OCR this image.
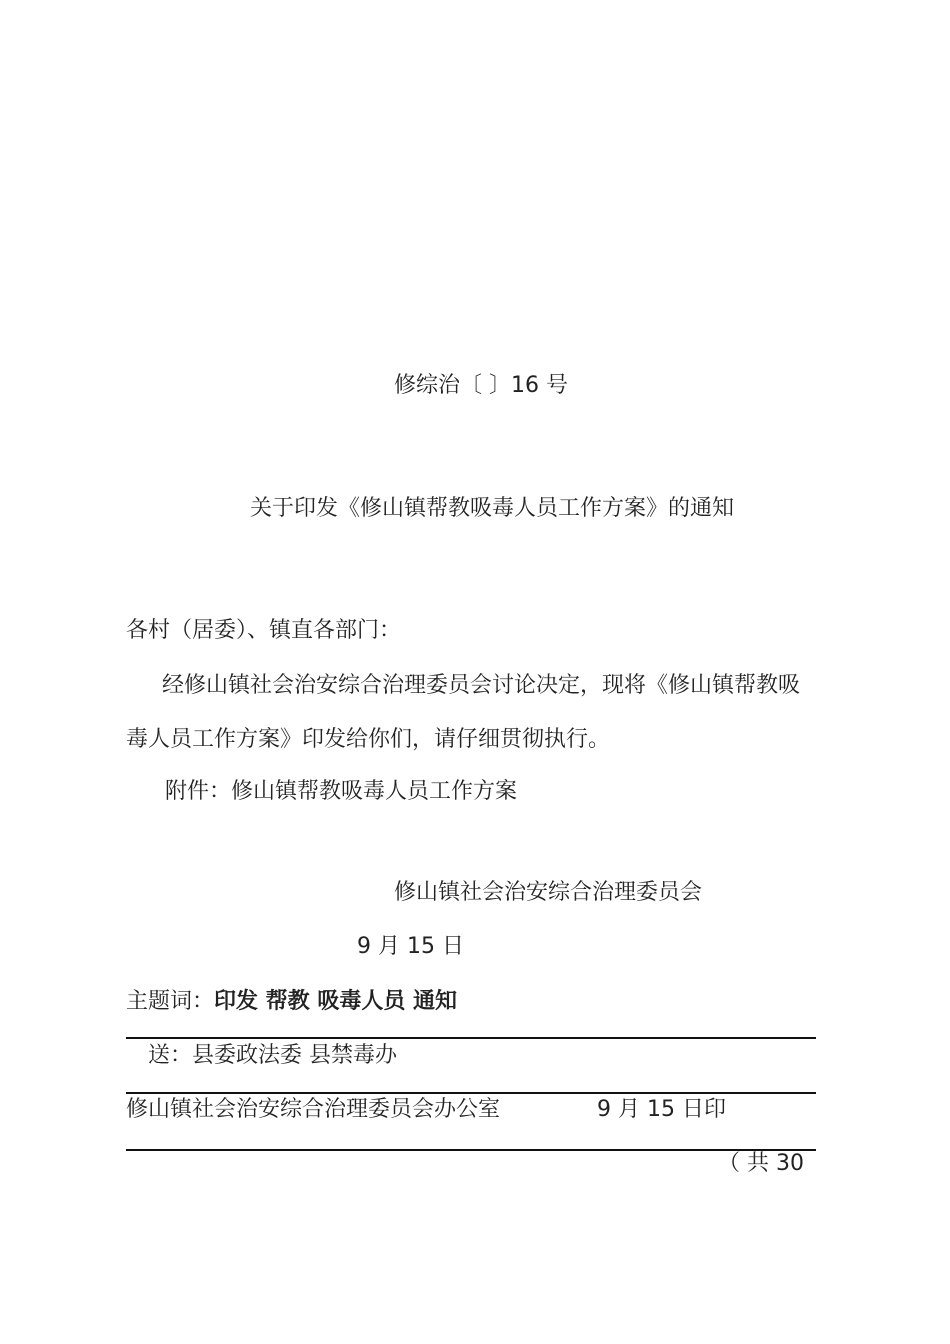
修综治〔 〕16 号
关于印发《修山镇帮教吸毒人员工作方案》的通知
各村（居委）、镇直各部门：
经修山镇社会治安综合治理委员会讨论决定，现将《修山镇帮教吸
毒人员工作方案》印发给你们，请仔细贯彻执行。
附件：修山镇帮教吸毒人员工作方案
修山镇社会治安综合治理委员会
9 月 15 日
主题词：印发 帮教 吸毒人员 通知
送：县委政法委 县禁毒办
修山镇社会治安综合治理委员会办公室	9 月 15 日印
（ 共 30
